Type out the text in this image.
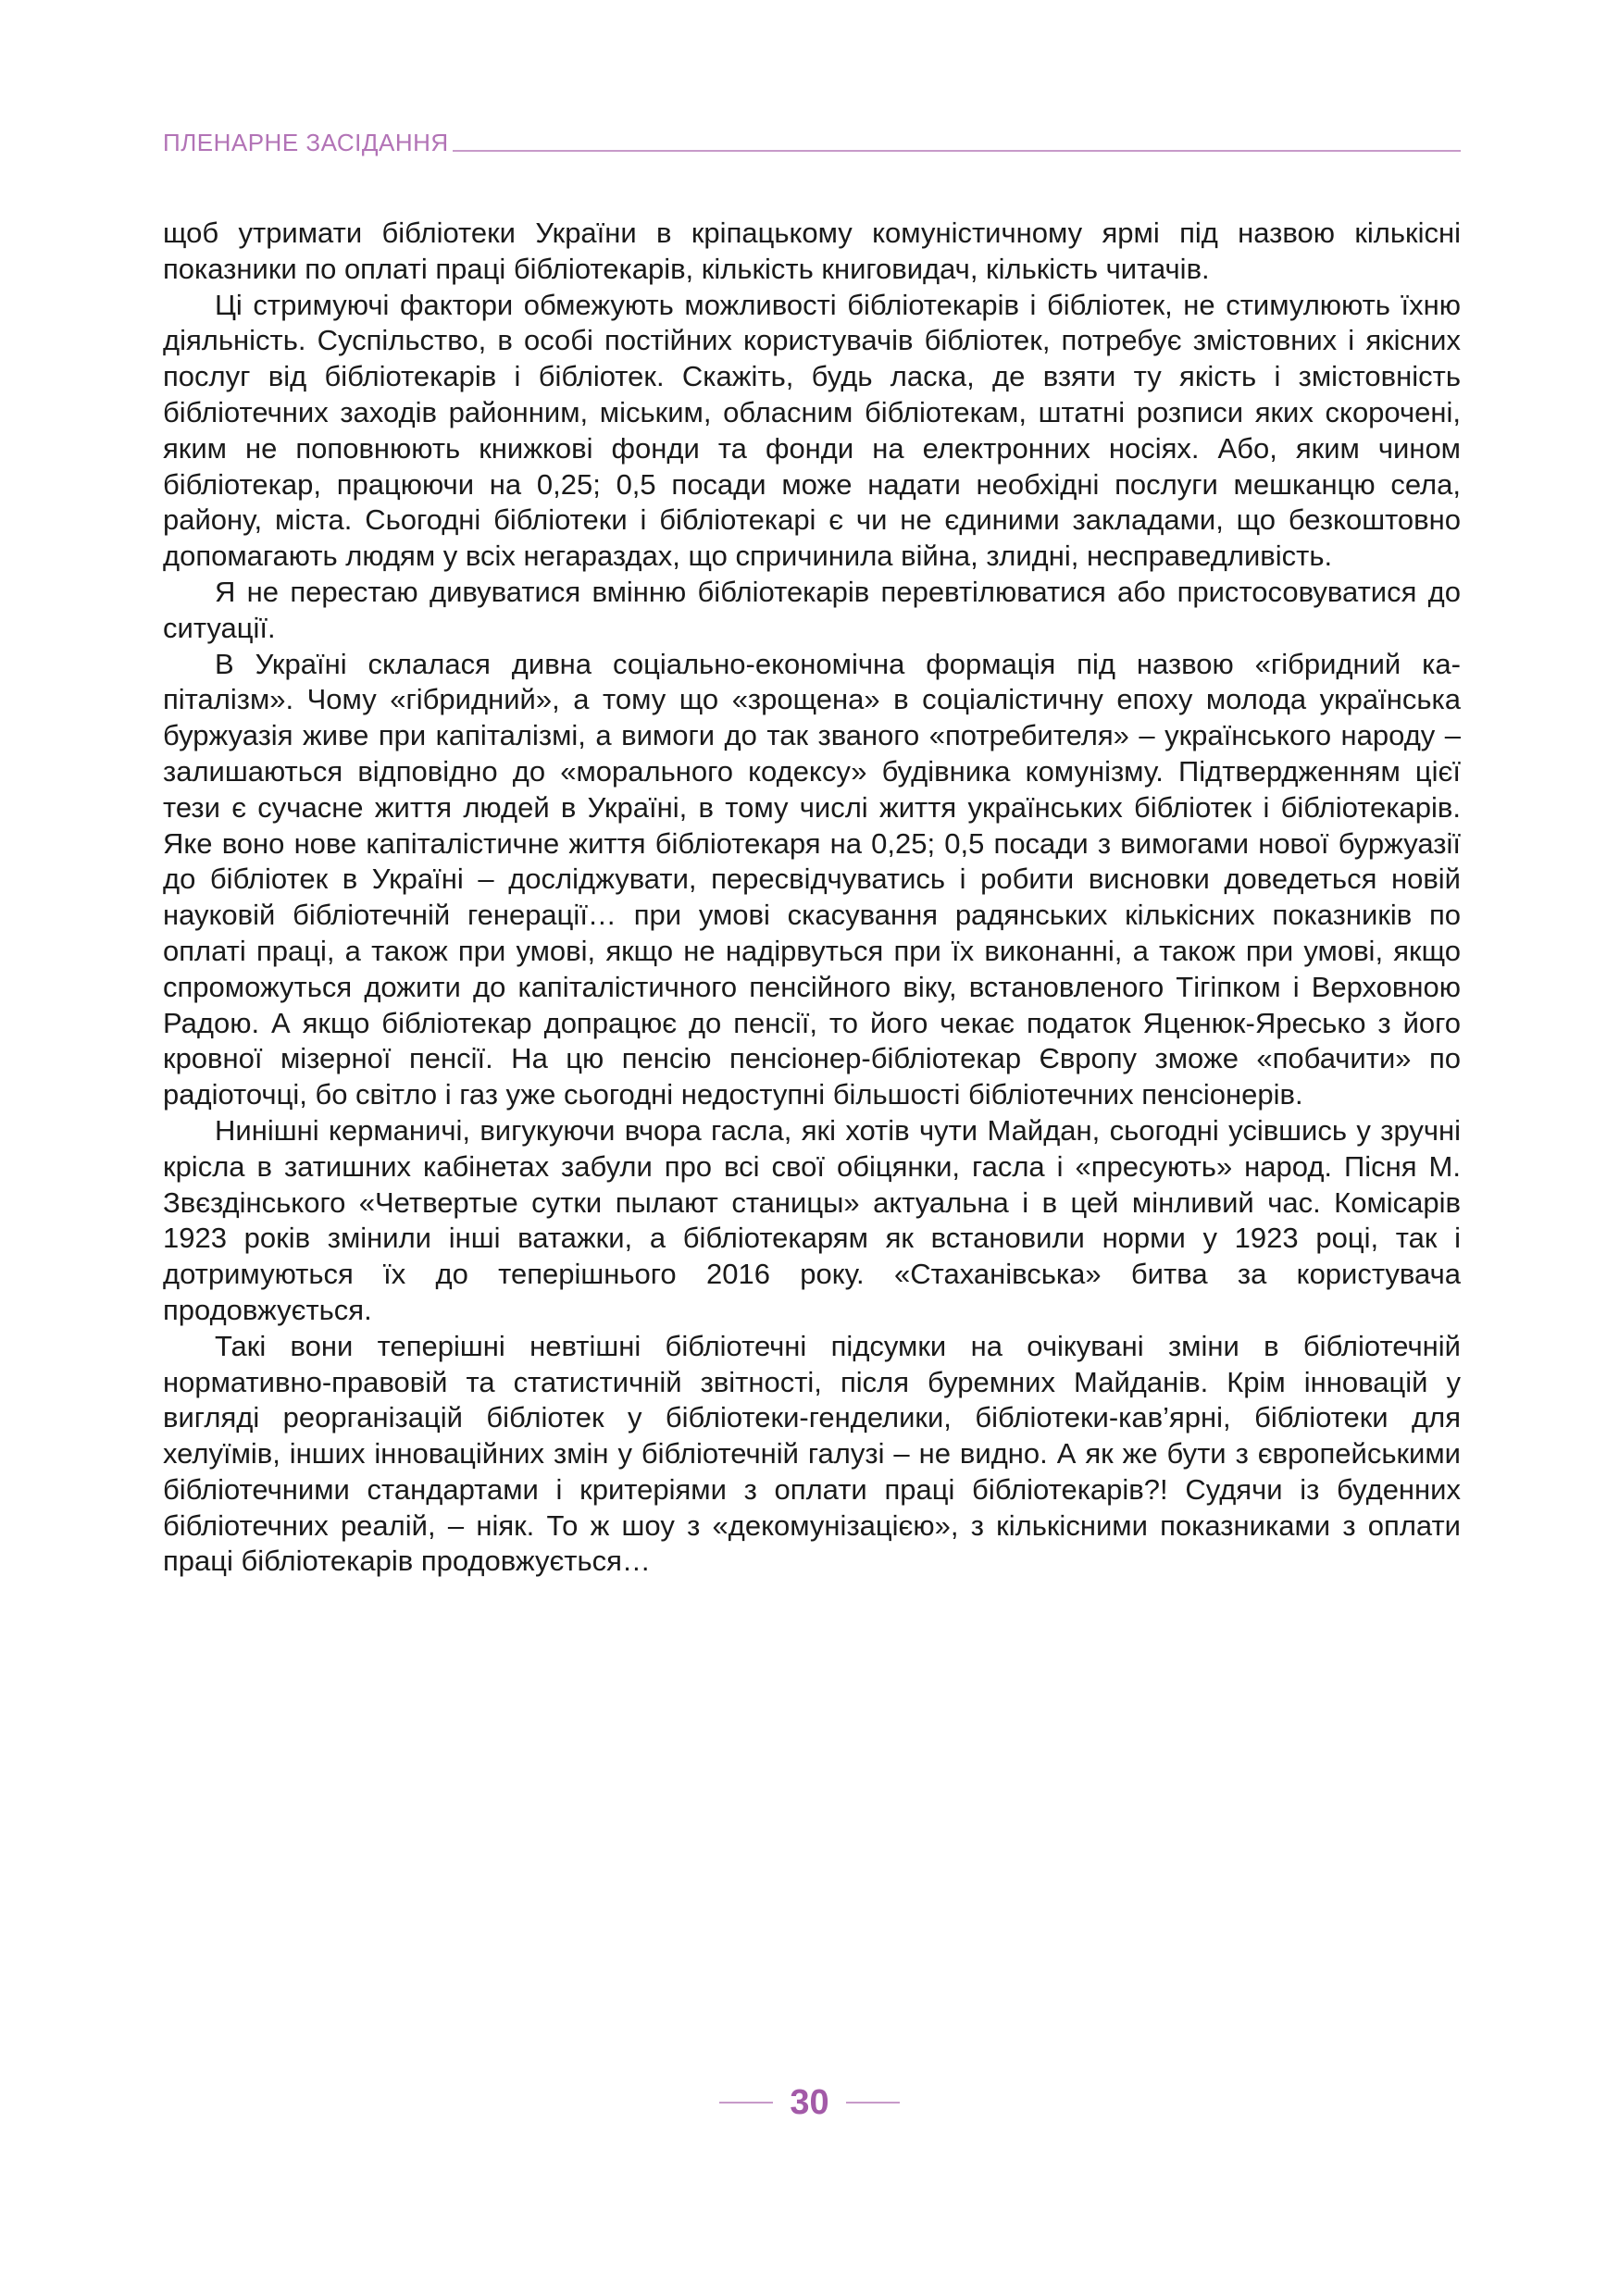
ПЛЕНАРНЕ ЗАСІДАННЯ

щоб утримати бібліотеки України в кріпацькому комуністичному ярмі під назвою кількісні показники по оплаті праці бібліотекарів, кількість книговидач, кількість читачів.

Ці стримуючі фактори обмежують можливості бібліотекарів і бібліотек, не стимулюють їхню діяльність. Суспільство, в особі постійних користувачів бібліотек, потребує змістовних і якісних послуг від бібліотекарів і бібліотек. Скажіть, будь ласка, де взяти ту якість і змістовність бібліотечних заходів районним, міським, обласним бібліотекам, штатні розписи яких скорочені, яким не поповнюють книжкові фонди та фонди на електронних носіях. Або, яким чином бібліотекар, працюючи на 0,25; 0,5 посади може надати необхідні послуги мешканцю села, району, міста. Сьогодні бібліотеки і бібліотекарі є чи не єдиними закладами, що безкоштовно допомагають людям у всіх негараздах, що спричинила війна, злидні, несправедливість.

Я не перестаю дивуватися вмінню бібліотекарів перевтілюватися або пристосовуватися до ситуації.

В Україні склалася дивна соціально-економічна формація під назвою «гібридний капіталізм». Чому «гібридний», а тому що «зрощена» в соціалістичну епоху молода українська буржуазія живе при капіталізмі, а вимоги до так званого «потребителя» – українського народу – залишаються відповідно до «морального кодексу» будівника комунізму. Підтвердженням цієї тези є сучасне життя людей в Україні, в тому числі життя українських бібліотек і бібліотекарів. Яке воно нове капіталістичне життя бібліотекаря на 0,25; 0,5 посади з вимогами нової буржуазії до бібліотек в Україні – досліджувати, пересвідчуватись і робити висновки доведеться новій науковій бібліотечній генерації… при умові скасування радянських кількісних показників по оплаті праці, а також при умові, якщо не надірвуться при їх виконанні, а також при умові, якщо спроможуться дожити до капіталістичного пенсійного віку, встановленого Тігіпком і Верховною Радою. А якщо бібліотекар допрацює до пенсії, то його чекає податок Яценюк-Яресько з його кровної мізерної пенсії. На цю пенсію пенсіонер-бібліотекар Європу зможе «побачити» по радіоточці, бо світло і газ уже сьогодні недоступні більшості бібліотечних пенсіонерів.

Нинішні керманичі, вигукуючи вчора гасла, які хотів чути Майдан, сьогодні усівшись у зручні крісла в затишних кабінетах забули про всі свої обіцянки, гасла і «пресують» народ. Пісня М. Звєздінського «Четвертые сутки пылают станицы» актуальна і в цей мінливий час. Комісарів 1923 років змінили інші ватажки, а бібліотекарям як встановили норми у 1923 році, так і дотримуються їх до теперішнього 2016 року. «Стаханівська» битва за користувача продовжується.

Такі вони теперішні невтішні бібліотечні підсумки на очікувані зміни в бібліотечній нормативно-правовій та статистичній звітності, після буремних Майданів. Крім інновацій у вигляді реорганізацій бібліотек у бібліотеки-генделики, бібліотеки-кав’ярні, бібліотеки для хелуїмів, інших інноваційних змін у бібліотечній галузі – не видно. А як же бути з європейськими бібліотечними стандартами і критеріями з оплати праці бібліотекарів?! Судячи із буденних бібліотечних реалій, – ніяк. То ж шоу з «декомунізацією», з кількісними показниками з оплати праці бібліотекарів продовжується…

30
